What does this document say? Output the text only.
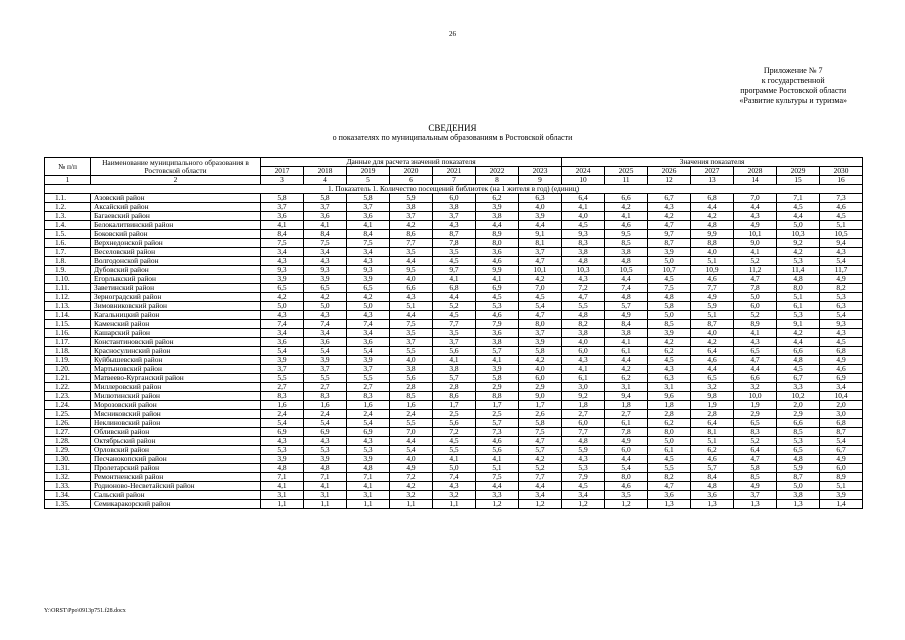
26
Приложение № 7
к государственной
программе Ростовской области
«Развитие культуры и туризма»
СВЕДЕНИЯ
о показателях по муниципальным образованиям в Ростовской области
№ п/п	Наименование муниципального образования в Ростовской области	Данные для расчета значений показателя							Значения показателя						
		2017	2018	2019	2020	2021	2022	2023	2024	2025	2026	2027	2028	2029	2030
1	2	3	4	5	6	7	8	9	10	11	12	13	14	15	16
1. Показатель 1. Количество посещений библиотек (на 1 жителя в год) (единиц)															
1.1.	Азовский район	5,8	5,8	5,8	5,9	6,0	6,2	6,3	6,4	6,6	6,7	6,8	7,0	7,1	7,3
1.2.	Аксайский район	3,7	3,7	3,7	3,8	3,8	3,9	4,0	4,1	4,2	4,3	4,4	4,4	4,5	4,6
1.3.	Багаевский район	3,6	3,6	3,6	3,7	3,7	3,8	3,9	4,0	4,1	4,2	4,2	4,3	4,4	4,5
1.4.	Белокалитвинский район	4,1	4,1	4,1	4,2	4,3	4,4	4,4	4,5	4,6	4,7	4,8	4,9	5,0	5,1
1.5.	Боковский район	8,4	8,4	8,4	8,6	8,7	8,9	9,1	9,3	9,5	9,7	9,9	10,1	10,3	10,5
1.6.	Верхнедонской район	7,5	7,5	7,5	7,7	7,8	8,0	8,1	8,3	8,5	8,7	8,8	9,0	9,2	9,4
1.7.	Веселовский район	3,4	3,4	3,4	3,5	3,5	3,6	3,7	3,8	3,8	3,9	4,0	4,1	4,2	4,3
1.8.	Волгодонской район	4,3	4,3	4,3	4,4	4,5	4,6	4,7	4,8	4,8	5,0	5,1	5,2	5,3	5,4
1.9.	Дубовский район	9,3	9,3	9,3	9,5	9,7	9,9	10,1	10,3	10,5	10,7	10,9	11,2	11,4	11,7
1.10.	Егорлыкский район	3,9	3,9	3,9	4,0	4,1	4,1	4,2	4,3	4,4	4,5	4,6	4,7	4,8	4,9
1.11.	Заветинский район	6,5	6,5	6,5	6,6	6,8	6,9	7,0	7,2	7,4	7,5	7,7	7,8	8,0	8,2
1.12.	Зерноградский район	4,2	4,2	4,2	4,3	4,4	4,5	4,5	4,7	4,8	4,8	4,9	5,0	5,1	5,3
1.13.	Зимовниковский район	5,0	5,0	5,0	5,1	5,2	5,3	5,4	5,5	5,7	5,8	5,9	6,0	6,1	6,3
1.14.	Кагальницкий район	4,3	4,3	4,3	4,4	4,5	4,6	4,7	4,8	4,9	5,0	5,1	5,2	5,3	5,4
1.15.	Каменский район	7,4	7,4	7,4	7,5	7,7	7,9	8,0	8,2	8,4	8,5	8,7	8,9	9,1	9,3
1.16.	Кашарский район	3,4	3,4	3,4	3,5	3,5	3,6	3,7	3,8	3,8	3,9	4,0	4,1	4,2	4,3
1.17.	Константиновский район	3,6	3,6	3,6	3,7	3,7	3,8	3,9	4,0	4,1	4,2	4,2	4,3	4,4	4,5
1.18.	Красносулинский район	5,4	5,4	5,4	5,5	5,6	5,7	5,8	6,0	6,1	6,2	6,4	6,5	6,6	6,8
1.19.	Куйбышевский район	3,9	3,9	3,9	4,0	4,1	4,1	4,2	4,3	4,4	4,5	4,6	4,7	4,8	4,9
1.20.	Мартыновский район	3,7	3,7	3,7	3,8	3,8	3,9	4,0	4,1	4,2	4,3	4,4	4,4	4,5	4,6
1.21.	Матвеево-Курганский район	5,5	5,5	5,5	5,6	5,7	5,8	6,0	6,1	6,2	6,3	6,5	6,6	6,7	6,9
1.22.	Миллеровский район	2,7	2,7	2,7	2,8	2,8	2,9	2,9	3,0	3,1	3,1	3,2	3,2	3,3	3,4
1.23.	Милютинский район	8,3	8,3	8,3	8,5	8,6	8,8	9,0	9,2	9,4	9,6	9,8	10,0	10,2	10,4
1.24.	Морозовский район	1,6	1,6	1,6	1,6	1,7	1,7	1,7	1,8	1,8	1,8	1,9	1,9	2,0	2,0
1.25.	Мясниковский район	2,4	2,4	2,4	2,4	2,5	2,5	2,6	2,7	2,7	2,8	2,8	2,9	2,9	3,0
1.26.	Неклиновский район	5,4	5,4	5,4	5,5	5,6	5,7	5,8	6,0	6,1	6,2	6,4	6,5	6,6	6,8
1.27.	Обливский район	6,9	6,9	6,9	7,0	7,2	7,3	7,5	7,7	7,8	8,0	8,1	8,3	8,5	8,7
1.28.	Октябрьский район	4,3	4,3	4,3	4,4	4,5	4,6	4,7	4,8	4,9	5,0	5,1	5,2	5,3	5,4
1.29.	Орловский район	5,3	5,3	5,3	5,4	5,5	5,6	5,7	5,9	6,0	6,1	6,2	6,4	6,5	6,7
1.30.	Песчанокопский район	3,9	3,9	3,9	4,0	4,1	4,1	4,2	4,3	4,4	4,5	4,6	4,7	4,8	4,9
1.31.	Пролетарский район	4,8	4,8	4,8	4,9	5,0	5,1	5,2	5,3	5,4	5,5	5,7	5,8	5,9	6,0
1.32.	Ремонтненский район	7,1	7,1	7,1	7,2	7,4	7,5	7,7	7,9	8,0	8,2	8,4	8,5	8,7	8,9
1.33.	Родионово-Несветайский район	4,1	4,1	4,1	4,2	4,3	4,4	4,4	4,5	4,6	4,7	4,8	4,9	5,0	5,1
1.34.	Сальский район	3,1	3,1	3,1	3,2	3,2	3,3	3,4	3,4	3,5	3,6	3,6	3,7	3,8	3,9
1.35.	Семикаракорский район	1,1	1,1	1,1	1,1	1,1	1,2	1,2	1,2	1,2	1,3	1,3	1,3	1,3	1,4
Y:\ORST\Ppo\0913p751.f28.docx
